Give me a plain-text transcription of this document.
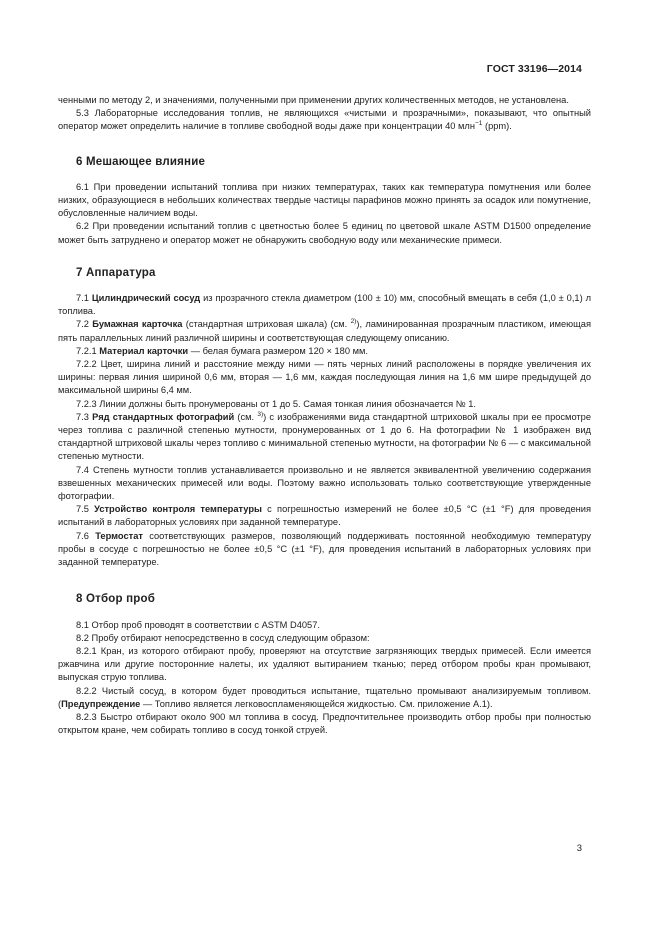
ГОСТ 33196—2014

ченными по методу 2, и значениями, полученными при применении других количественных методов, не установлена.

5.3 Лабораторные исследования топлив, не являющихся «чистыми и прозрачными», показывают, что опытный оператор может определить наличие в топливе свободной воды даже при концентрации 40 млн$^{-1}$ (ppm).

6 Мешающее влияние

6.1 При проведении испытаний топлива при низких температурах, таких как температура помутнения или более низких, образующиеся в небольших количествах твердые частицы парафинов можно принять за осадок или помутнение, обусловленные наличием воды.

6.2 При проведении испытаний топлив с цветностью более 5 единиц по цветовой шкале ASTM D1500 определение может быть затруднено и оператор может не обнаружить свободную воду или механические примеси.

7 Аппаратура

7.1 Цилиндрический сосуд из прозрачного стекла диаметром (100 ± 10) мм, способный вмещать в себя (1,0 ± 0,1) л топлива.

7.2 Бумажная карточка (стандартная штриховая шкала) (см. $^{2)}$), ламинированная прозрачным пластиком, имеющая пять параллельных линий различной ширины и соответствующая следующему описанию.

7.2.1 Материал карточки — белая бумага размером 120 × 180 мм.

7.2.2 Цвет, ширина линий и расстояние между ними — пять черных линий расположены в порядке увеличения их ширины: первая линия шириной 0,6 мм, вторая — 1,6 мм, каждая последующая линия на 1,6 мм шире предыдущей до максимальной ширины 6,4 мм.

7.2.3 Линии должны быть пронумерованы от 1 до 5. Самая тонкая линия обозначается № 1.

7.3 Ряд стандартных фотографий (см. $^{3)}$) с изображениями вида стандартной штриховой шкалы при ее просмотре через топлива с различной степенью мутности, пронумерованных от 1 до 6. На фотографии № 1 изображен вид стандартной штриховой шкалы через топливо с минимальной степенью мутности, на фотографии № 6 — с максимальной степенью мутности.

7.4 Степень мутности топлив устанавливается произвольно и не является эквивалентной увеличению содержания взвешенных механических примесей или воды. Поэтому важно использовать только соответствующие утвержденные фотографии.

7.5 Устройство контроля температуры с погрешностью измерений не более ±0,5 °С (±1 °F) для проведения испытаний в лабораторных условиях при заданной температуре.

7.6 Термостат соответствующих размеров, позволяющий поддерживать постоянной необходимую температуру пробы в сосуде с погрешностью не более ±0,5 °С (±1 °F), для проведения испытаний в лабораторных условиях при заданной температуре.

8 Отбор проб

8.1 Отбор проб проводят в соответствии с ASTM D4057.

8.2 Пробу отбирают непосредственно в сосуд следующим образом:

8.2.1 Кран, из которого отбирают пробу, проверяют на отсутствие загрязняющих твердых примесей. Если имеется ржавчина или другие посторонние налеты, их удаляют вытиранием тканью; перед отбором пробы кран промывают, выпуская струю топлива.

8.2.2 Чистый сосуд, в котором будет проводиться испытание, тщательно промывают анализируемым топливом. (Предупреждение — Топливо является легковоспламеняющейся жидкостью. См. приложение А.1).

8.2.3 Быстро отбирают около 900 мл топлива в сосуд. Предпочтительнее производить отбор пробы при полностью открытом кране, чем собирать топливо в сосуд тонкой струей.

3
